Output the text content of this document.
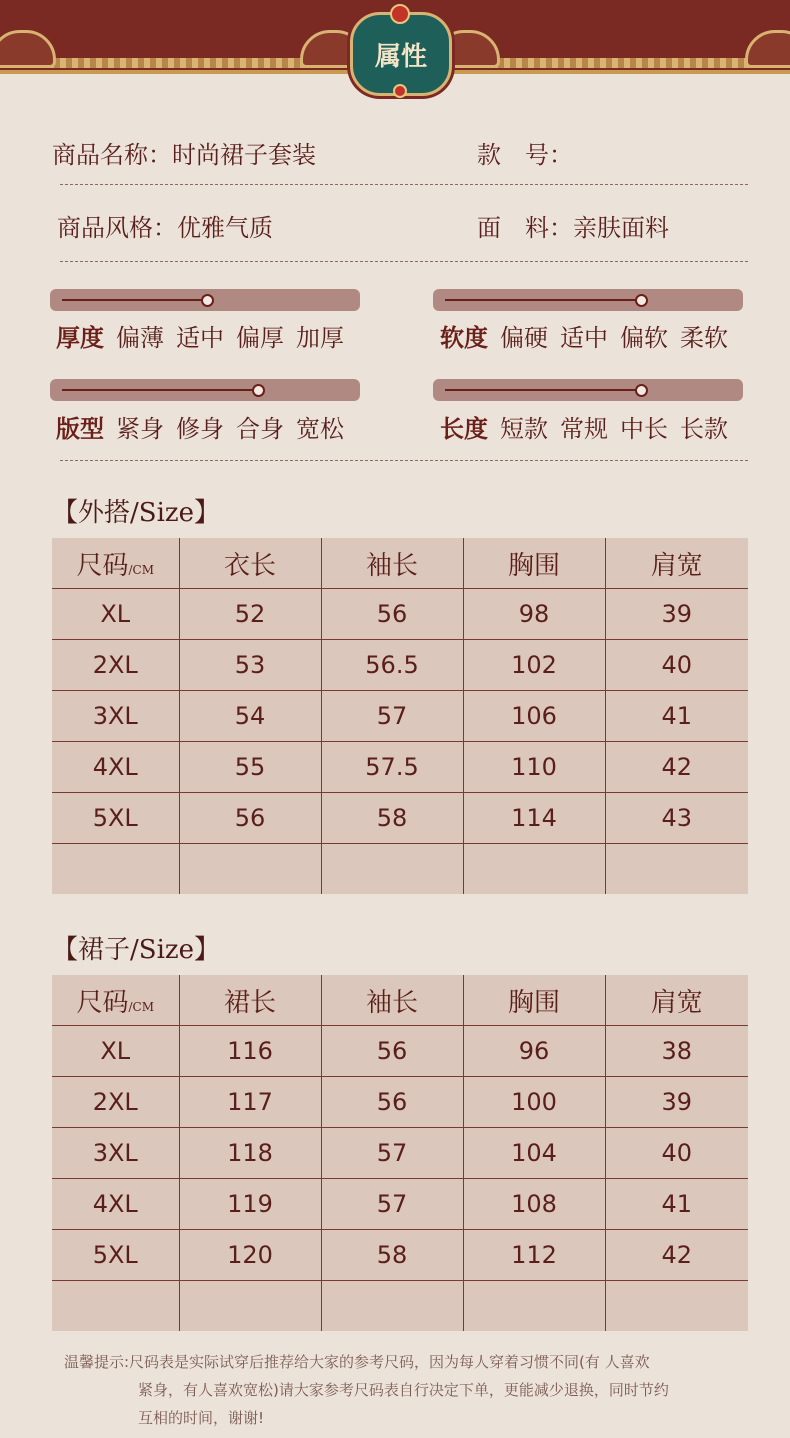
属性
商品名称：时尚裙子套装	款　号：
商品风格：优雅气质	面　料：亲肤面料
厚度 偏薄 适中 偏厚 加厚	软度 偏硬 适中 偏软 柔软
版型 紧身 修身 合身 宽松	长度 短款 常规 中长 长款
【外搭/Size】
尺码/CM	衣长	袖长	胸围	肩宽
XL	52	56	98	39
2XL	53	56.5	102	40
3XL	54	57	106	41
4XL	55	57.5	110	42
5XL	56	58	114	43

【裙子/Size】
尺码/CM	裙长	袖长	胸围	肩宽
XL	116	56	96	38
2XL	117	56	100	39
3XL	118	57	104	40
4XL	119	57	108	41
5XL	120	58	112	42

温馨提示:尺码表是实际试穿后推荐给大家的参考尺码，因为每人穿着习惯不同(有 人喜欢
紧身，有人喜欢宽松)请大家参考尺码表自行决定下单，更能减少退换，同时节约
互相的时间，谢谢!
